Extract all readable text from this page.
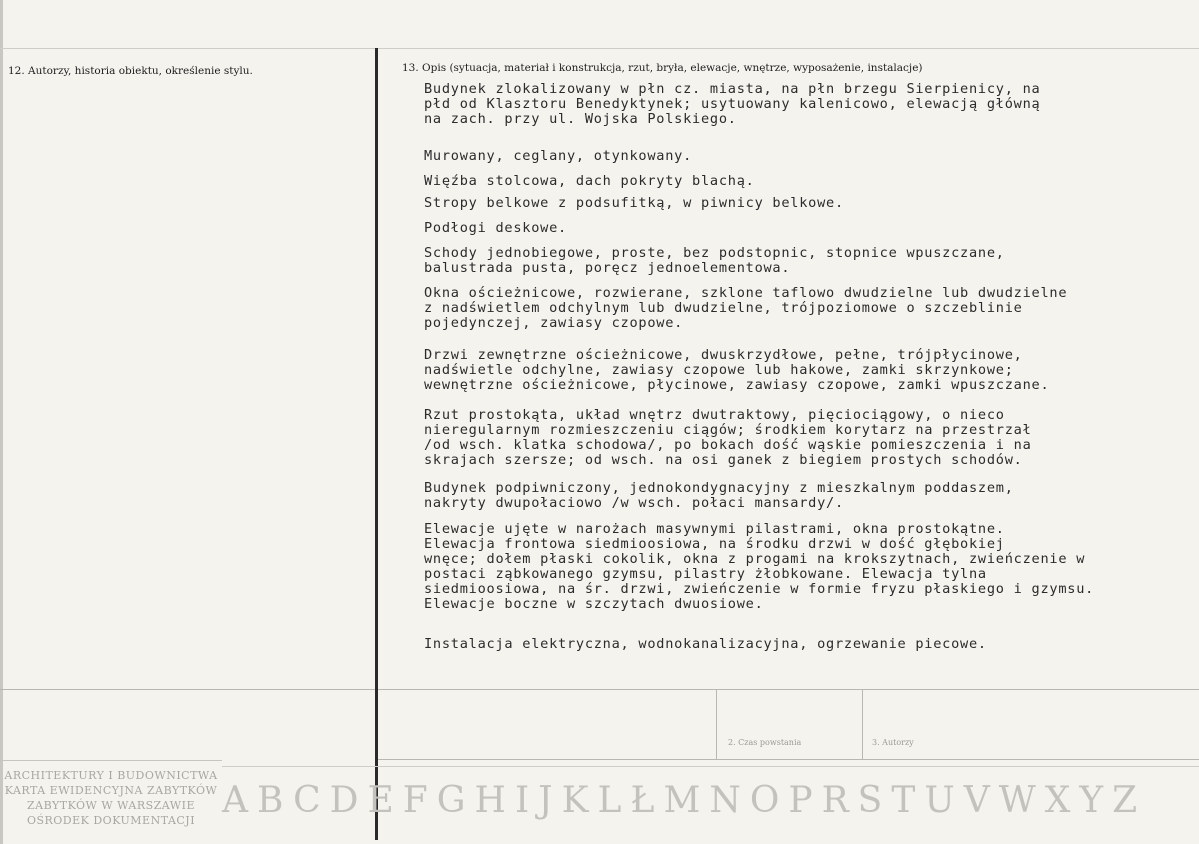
12. Autorzy, historia obiektu, określenie stylu.	13. Opis (sytuacja, materiał i konstrukcja, rzut, bryła, elewacje, wnętrze, wyposażenie, instalacje)
Budynek zlokalizowany w płn cz. miasta, na płn brzegu Sierpienicy, na
płd od Klasztoru Benedyktynek; usytuowany kalenicowo, elewacją główną
na zach. przy ul. Wojska Polskiego.
Murowany, ceglany, otynkowany.
Więźba stolcowa, dach pokryty blachą.
Stropy belkowe z podsufitką, w piwnicy belkowe.
Podłogi deskowe.
Schody jednobiegowe, proste, bez podstopnic, stopnice wpuszczane,
balustrada pusta, poręcz jednoelementowa.
Okna ościeżnicowe, rozwierane, szklone taflowo dwudzielne lub dwudzielne
z nadświetlem odchylnym lub dwudzielne, trójpoziomowe o szczeblinie
pojedynczej, zawiasy czopowe.
Drzwi zewnętrzne ościeżnicowe, dwuskrzydłowe, pełne, trójpłycinowe,
nadświetle odchylne, zawiasy czopowe lub hakowe, zamki skrzynkowe;
wewnętrzne ościeżnicowe, płycinowe, zawiasy czopowe, zamki wpuszczane.
Rzut prostokąta, układ wnętrz dwutraktowy, pięciociągowy, o nieco
nieregularnym rozmieszczeniu ciągów; środkiem korytarz na przestrzał
/od wsch. klatka schodowa/, po bokach dość wąskie pomieszczenia i na
skrajach szersze; od wsch. na osi ganek z biegiem prostych schodów.
Budynek podpiwniczony, jednokondygnacyjny z mieszkalnym poddaszem,
nakryty dwupołaciowo /w wsch. połaci mansardy/.
Elewacje ujęte w narożach masywnymi pilastrami, okna prostokątne.
Elewacja frontowa siedmioosiowa, na środku drzwi w dość głębokiej
wnęce; dołem płaski cokolik, okna z progami na krokszytnach, zwieńczenie w
postaci ząbkowanego gzymsu, pilastry żłobkowane. Elewacja tylna
siedmioosiowa, na śr. drzwi, zwieńczenie w formie fryzu płaskiego i gzymsu.
Elewacje boczne w szczytach dwuosiowe.
Instalacja elektryczna, wodnokanalizacyjna, ogrzewanie piecowe.
2. Czas powstania	3. Autorzy
ARCHITEKTURY I BUDOWNICTWA
KARTA EWIDENCYJNA ZABYTKÓW
ZABYTKÓW W WARSZAWIE
OŚRODEK DOKUMENTACJI ABCDEFGHIJKLŁMNOPRSTUVWXYZ
